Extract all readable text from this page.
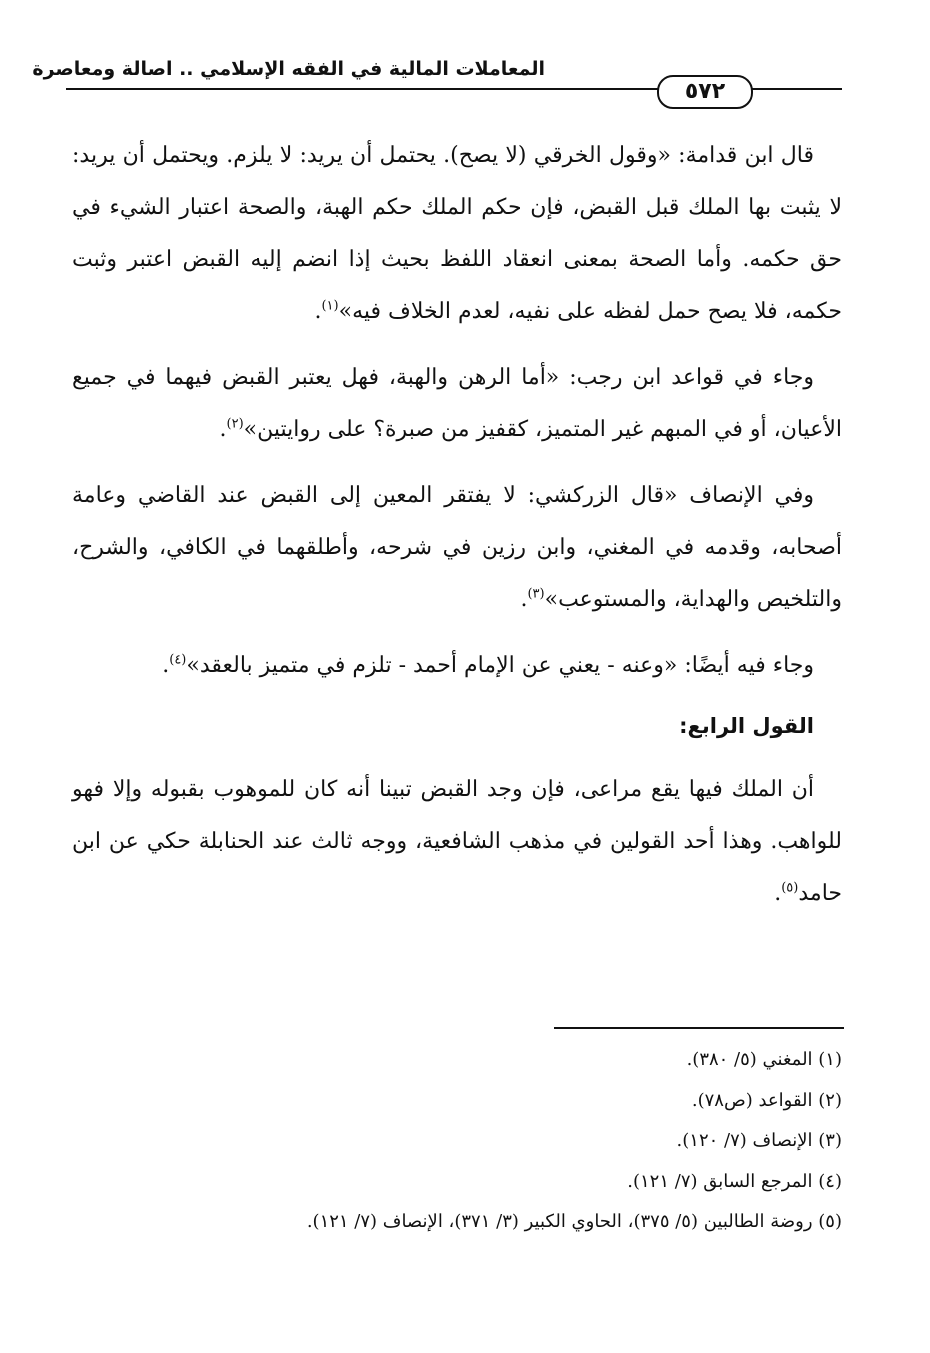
المعاملات المالية في الفقه الإسلامي .. اصالة ومعاصرة
٥٧٢

قال ابن قدامة: «وقول الخرقي (لا يصح). يحتمل أن يريد: لا يلزم. ويحتمل أن يريد: لا يثبت بها الملك قبل القبض، فإن حكم الملك حكم الهبة، والصحة اعتبار الشيء في حق حكمه. وأما الصحة بمعنى انعقاد اللفظ بحيث إذا انضم إليه القبض اعتبر وثبت حكمه، فلا يصح حمل لفظه على نفيه، لعدم الخلاف فيه»$^{(١)}$.

وجاء في قواعد ابن رجب: «أما الرهن والهبة، فهل يعتبر القبض فيهما في جميع الأعيان، أو في المبهم غير المتميز، كقفيز من صبرة؟ على روايتين»$^{(٢)}$.

وفي الإنصاف «قال الزركشي: لا يفتقر المعين إلى القبض عند القاضي وعامة أصحابه، وقدمه في المغني، وابن رزين في شرحه، وأطلقهما في الكافي، والشرح، والتلخيص والهداية، والمستوعب»$^{(٣)}$.

وجاء فيه أيضًا: «وعنه - يعني عن الإمام أحمد - تلزم في متميز بالعقد»$^{(٤)}$.

القول الرابع:

أن الملك فيها يقع مراعى، فإن وجد القبض تبينا أنه كان للموهوب بقبوله وإلا فهو للواهب. وهذا أحد القولين في مذهب الشافعية، ووجه ثالث عند الحنابلة حكي عن ابن حامد$^{(٥)}$.

(١) المغني (٥/ ٣٨٠).

(٢) القواعد (ص٧٨).

(٣) الإنصاف (٧/ ١٢٠).

(٤) المرجع السابق (٧/ ١٢١).

(٥) روضة الطالبين (٥/ ٣٧٥)، الحاوي الكبير (٣/ ٣٧١)، الإنصاف (٧/ ١٢١).
